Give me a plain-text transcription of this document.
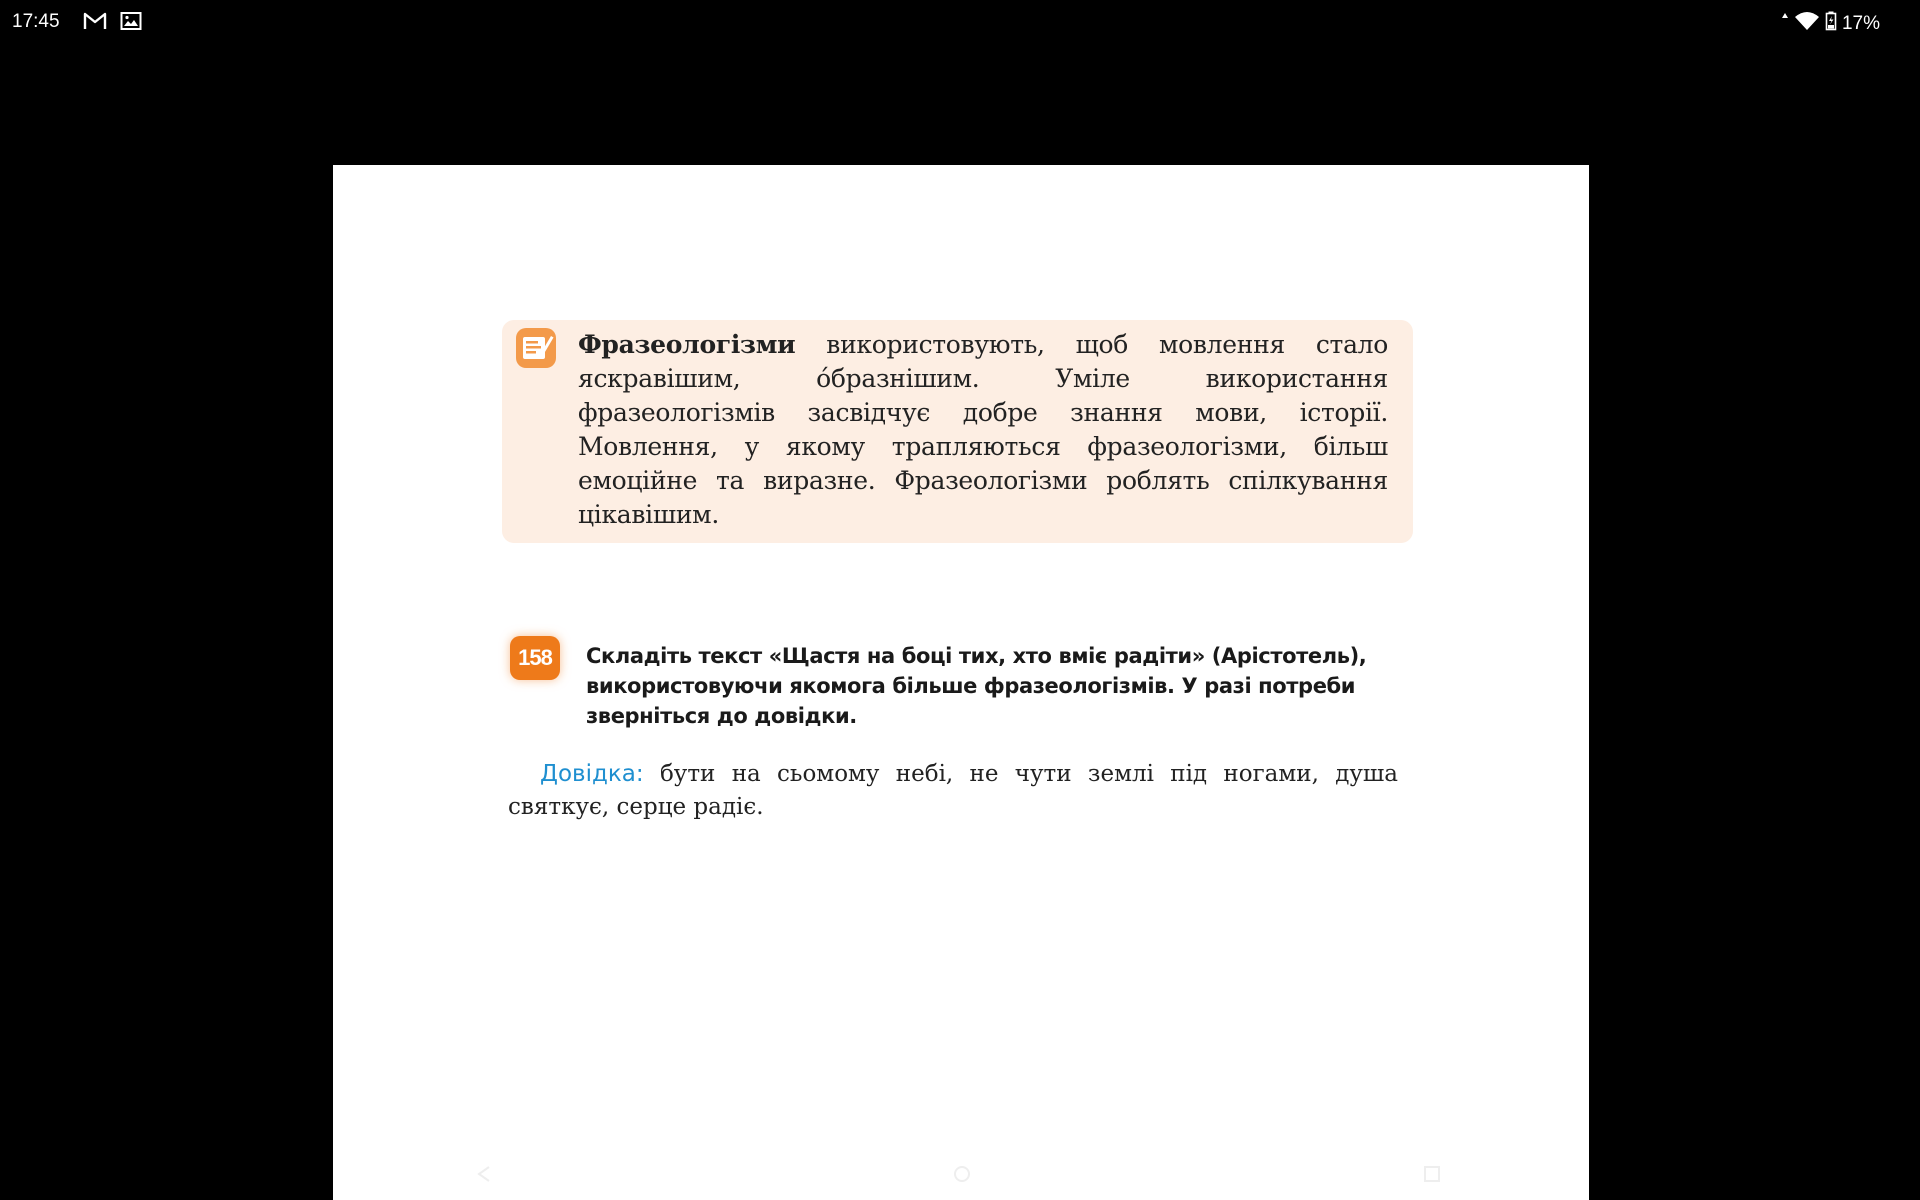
17:45	17%
Фразеологізми використовують, щоб мовлення стало яскравішим, о́бразнішим. Уміле використання фразеологізмів засвідчує добре знання мови, історії. Мовлення, у якому трапляються фразеологізми, більш емоційне та виразне. Фразеологізми роблять спілкування цікавішим.
158	Складіть текст «Щастя на боці тих, хто вміє радіти» (Арістотель), використовуючи якомога більше фразеологізмів. У разі потреби зверніться до довідки.
Довідка: бути на сьомому небі, не чути землі під ногами, душа святкує, серце радіє.
